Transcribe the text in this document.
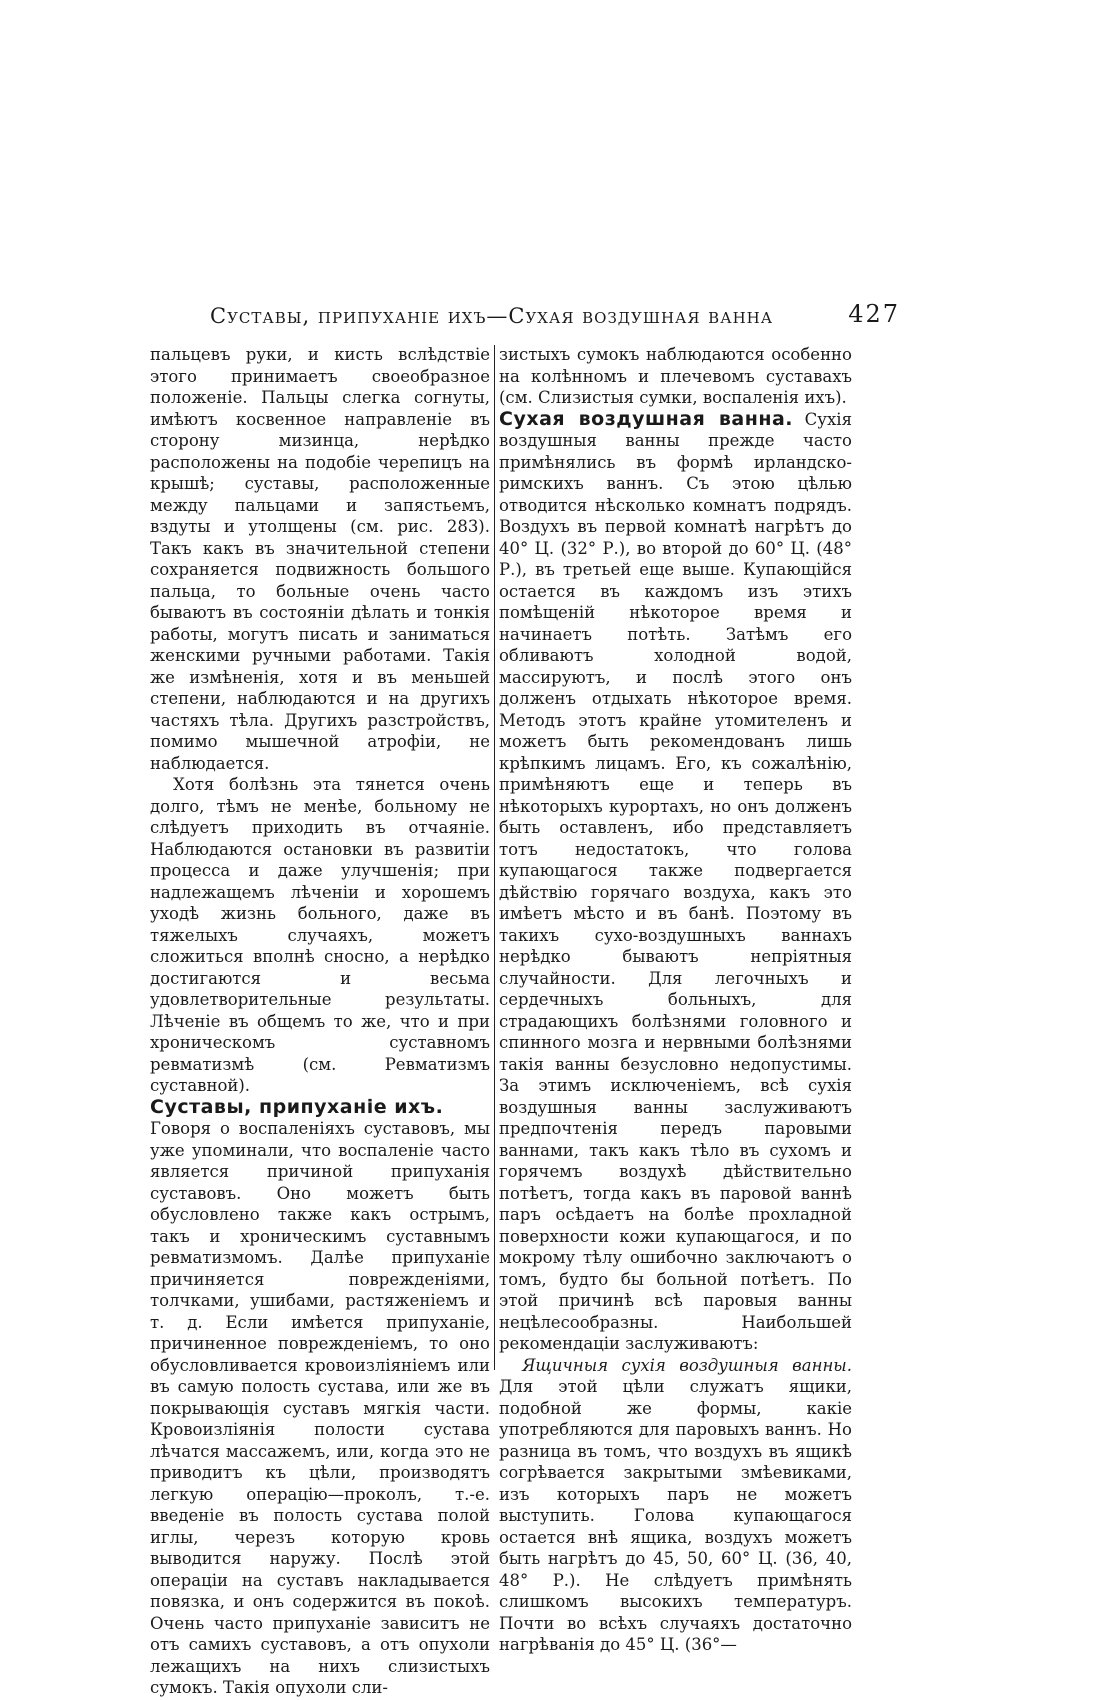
Суставы, припуханіе ихъ—Сухая воздушная ванна	427

пальцевъ руки, и кисть вслѣдствіе этого принимаетъ своеобразное положеніе. Пальцы слегка согнуты, имѣютъ косвенное направленіе въ сторону мизинца, нерѣдко расположены на подобіе черепицъ на крышѣ; суставы, расположенные между пальцами и запястьемъ, вздуты и утолщены (см. рис. 283). Такъ какъ въ значительной степени сохраняется подвижность большого пальца, то больные очень часто бываютъ въ состояніи дѣлать и тонкія работы, могутъ писать и заниматься женскими ручными работами. Такія же измѣненія, хотя и въ меньшей степени, наблюдаются и на другихъ частяхъ тѣла. Другихъ разстройствъ, помимо мышечной атрофіи, не наблюдается.

Хотя болѣзнь эта тянется очень долго, тѣмъ не менѣе, больному не слѣдуетъ приходить въ отчаяніе. Наблюдаются остановки въ развитіи процесса и даже улучшенія; при надлежащемъ лѣченіи и хорошемъ уходѣ жизнь больного, даже въ тяжелыхъ случаяхъ, можетъ сложиться вполнѣ сносно, а нерѣдко достигаются и весьма удовлетворительные результаты. Лѣченіе въ общемъ то же, что и при хроническомъ суставномъ ревматизмѣ (см. Ревматизмъ суставной).

Суставы, припуханіе ихъ.

Говоря о воспаленіяхъ суставовъ, мы уже упоминали, что воспаленіе часто является причиной припуханія суставовъ. Оно можетъ быть обусловлено также какъ острымъ, такъ и хроническимъ суставнымъ ревматизмомъ. Далѣе припуханіе причиняется поврежденіями, толчками, ушибами, растяженіемъ и т. д. Если имѣется припуханіе, причиненное поврежденіемъ, то оно обусловливается кровоизліяніемъ или въ самую полость сустава, или же въ покрывающія суставъ мягкія части. Кровоизліянія полости сустава лѣчатся массажемъ, или, когда это не приводитъ къ цѣли, производятъ легкую операцію—проколъ, т.-е. введеніе въ полость сустава полой иглы, черезъ которую кровь выводится наружу. Послѣ этой операціи на суставъ накладывается повязка, и онъ содержится въ покоѣ. Очень часто припуханіе зависитъ не отъ самихъ суставовъ, а отъ опухоли лежащихъ на нихъ слизистыхъ сумокъ. Такія опухоли сли-

зистыхъ сумокъ наблюдаются особенно на колѣнномъ и плечевомъ суставахъ (см. Слизистыя сумки, воспаленія ихъ).

Сухая воздушная ванна. Сухія воздушныя ванны прежде часто примѣнялись въ формѣ ирландско-римскихъ ваннъ. Съ этою цѣлью отводится нѣсколько комнатъ подрядъ. Воздухъ въ первой комнатѣ нагрѣтъ до 40° Ц. (32° Р.), во второй до 60° Ц. (48° Р.), въ третьей еще выше. Купающійся остается въ каждомъ изъ этихъ помѣщеній нѣкоторое время и начинаетъ потѣть. Затѣмъ его обливаютъ холодной водой, массируютъ, и послѣ этого онъ долженъ отдыхать нѣкоторое время. Методъ этотъ крайне утомителенъ и можетъ быть рекомендованъ лишь крѣпкимъ лицамъ. Его, къ сожалѣнію, примѣняютъ еще и теперь въ нѣкоторыхъ курортахъ, но онъ долженъ быть оставленъ, ибо представляетъ тотъ недостатокъ, что голова купающагося также подвергается дѣйствію горячаго воздуха, какъ это имѣетъ мѣсто и въ банѣ. Поэтому въ такихъ сухо-воздушныхъ ваннахъ нерѣдко бываютъ непріятныя случайности. Для легочныхъ и сердечныхъ больныхъ, для страдающихъ болѣзнями головного и спинного мозга и нервными болѣзнями такія ванны безусловно недопустимы. За этимъ исключеніемъ, всѣ сухія воздушныя ванны заслуживаютъ предпочтенія передъ паровыми ваннами, такъ какъ тѣло въ сухомъ и горячемъ воздухѣ дѣйствительно потѣетъ, тогда какъ въ паровой ваннѣ паръ осѣдаетъ на болѣе прохладной поверхности кожи купающагося, и по мокрому тѣлу ошибочно заключаютъ о томъ, будто бы больной потѣетъ. По этой причинѣ всѣ паровыя ванны нецѣлесообразны. Наибольшей рекомендаціи заслуживаютъ:

Ящичныя сухія воздушныя ванны. Для этой цѣли служатъ ящики, подобной же формы, какіе употребляются для паровыхъ ваннъ. Но разница въ томъ, что воздухъ въ ящикѣ согрѣвается закрытыми змѣевиками, изъ которыхъ паръ не можетъ выступить. Голова купающагося остается внѣ ящика, воздухъ можетъ быть нагрѣтъ до 45, 50, 60° Ц. (36, 40, 48° Р.). Не слѣдуетъ примѣнять слишкомъ высокихъ температуръ. Почти во всѣхъ случаяхъ достаточно нагрѣванія до 45° Ц. (36°—
